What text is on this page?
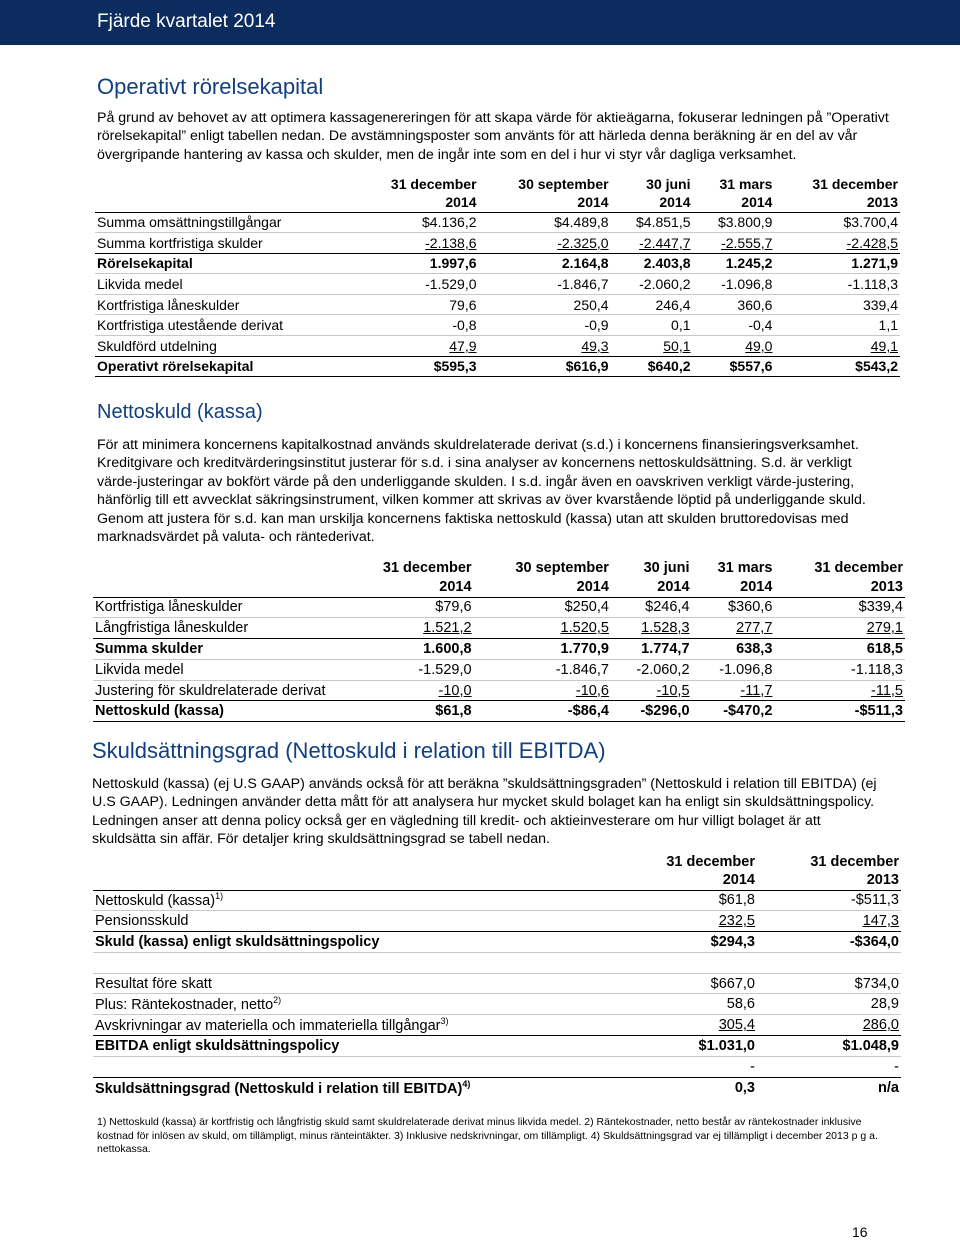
Fjärde kvartalet 2014
Operativt rörelsekapital

På grund av behovet av att optimera kassagenereringen för att skapa värde för aktieägarna, fokuserar ledningen på ”Operativt rörelsekapital” enligt tabellen nedan. De avstämningsposter som använts för att härleda denna beräkning är en del av vår övergripande hantering av kassa och skulder, men de ingår inte som en del i hur vi styr vår dagliga verksamhet.

	31 december	30 september	30 juni	31 mars	31 december
	2014	2014	2014	2014	2013
Summa omsättningstillgångar	$4.136,2	$4.489,8	$4.851,5	$3.800,9	$3.700,4
Summa kortfristiga skulder	-2.138,6	-2.325,0	-2.447,7	-2.555,7	-2.428,5
Rörelsekapital	1.997,6	2.164,8	2.403,8	1.245,2	1.271,9
Likvida medel	-1.529,0	-1.846,7	-2.060,2	-1.096,8	-1.118,3
Kortfristiga låneskulder	79,6	250,4	246,4	360,6	339,4
Kortfristiga utestående derivat	-0,8	-0,9	0,1	-0,4	1,1
Skuldförd utdelning	47,9	49,3	50,1	49,0	49,1
Operativt rörelsekapital	$595,3	$616,9	$640,2	$557,6	$543,2
Nettoskuld (kassa)

För att minimera koncernens kapitalkostnad används skuldrelaterade derivat (s.d.) i koncernens finansieringsverksamhet.

Kreditgivare och kreditvärderingsinstitut justerar för s.d. i sina analyser av koncernens nettoskuldsättning. S.d. är verkligt värde-justeringar av bokfört värde på den underliggande skulden. I s.d. ingår även en oavskriven verkligt värde-justering, hänförlig till ett avvecklat säkringsinstrument, vilken kommer att skrivas av över kvarstående löptid på underliggande skuld. Genom att justera för s.d. kan man urskilja koncernens faktiska nettoskuld (kassa) utan att skulden bruttoredovisas med marknadsvärdet på valuta- och räntederivat.

	31 december	30 september	30 juni	31 mars	31 december
	2014	2014	2014	2014	2013
Kortfristiga låneskulder	$79,6	$250,4	$246,4	$360,6	$339,4
Långfristiga låneskulder	1.521,2	1.520,5	1.528,3	277,7	279,1
Summa skulder	1.600,8	1.770,9	1.774,7	638,3	618,5
Likvida medel	-1.529,0	-1.846,7	-2.060,2	-1.096,8	-1.118,3
Justering för skuldrelaterade derivat	-10,0	-10,6	-10,5	-11,7	-11,5
Nettoskuld (kassa)	$61,8	-$86,4	-$296,0	-$470,2	-$511,3
Skuldsättningsgrad (Nettoskuld i relation till EBITDA)

Nettoskuld (kassa) (ej U.S GAAP) används också för att beräkna ”skuldsättningsgraden” (Nettoskuld i relation till EBITDA) (ej U.S GAAP). Ledningen använder detta mått för att analysera hur mycket skuld bolaget kan ha enligt sin skuldsättningspolicy. Ledningen anser att denna policy också ger en vägledning till kredit- och aktieinvesterare om hur villigt bolaget är att skuldsätta sin affär. För detaljer kring skuldsättningsgrad se tabell nedan.

	31 december	31 december
	2014	2013
Nettoskuld (kassa)$^{1)}$	$61,8	-$511,3
Pensionsskuld	232,5	147,3
Skuld (kassa) enligt skuldsättningspolicy	$294,3	-$364,0

Resultat före skatt	$667,0	$734,0
Plus: Räntekostnader, netto$^{2)}$	58,6	28,9
Avskrivningar av materiella och immateriella tillgångar$^{3)}$	305,4	286,0
EBITDA enligt skuldsättningspolicy	$1.031,0	$1.048,9
	-	-
Skuldsättningsgrad (Nettoskuld i relation till EBITDA)$^{4)}$	0,3	n/a

1) Nettoskuld (kassa) är kortfristig och långfristig skuld samt skuldrelaterade derivat minus likvida medel. 2) Räntekostnader, netto består av räntekostnader inklusive kostnad för inlösen av skuld, om tillämpligt, minus ränteintäkter. 3) Inklusive nedskrivningar, om tillämpligt. 4) Skuldsättningsgrad var ej tillämpligt i december 2013 p g a. nettokassa.

16
